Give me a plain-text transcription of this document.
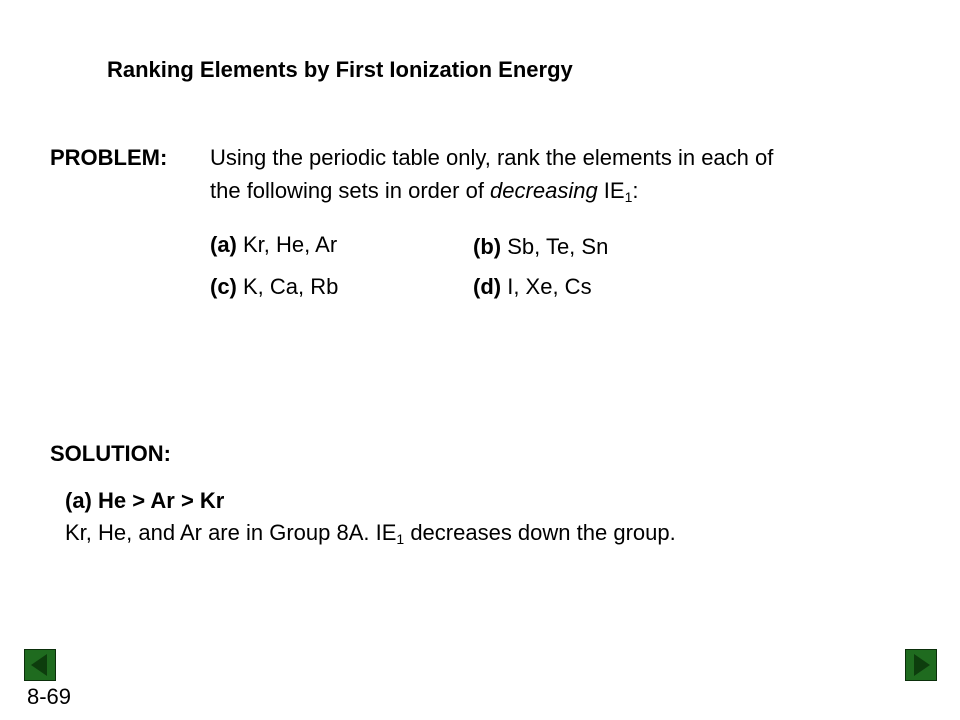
Ranking Elements by First Ionization Energy
PROBLEM: Using the periodic table only, rank the elements in each of
the following sets in order of decreasing $IE_1$:
(a) Kr, He, Ar	(b) Sb, Te, Sn
(c) K, Ca, Rb	(d) I, Xe, Cs
SOLUTION:
(a) He > Ar > Kr
Kr, He, and Ar are in Group 8A. $IE_1$ decreases down the group.
8-69
